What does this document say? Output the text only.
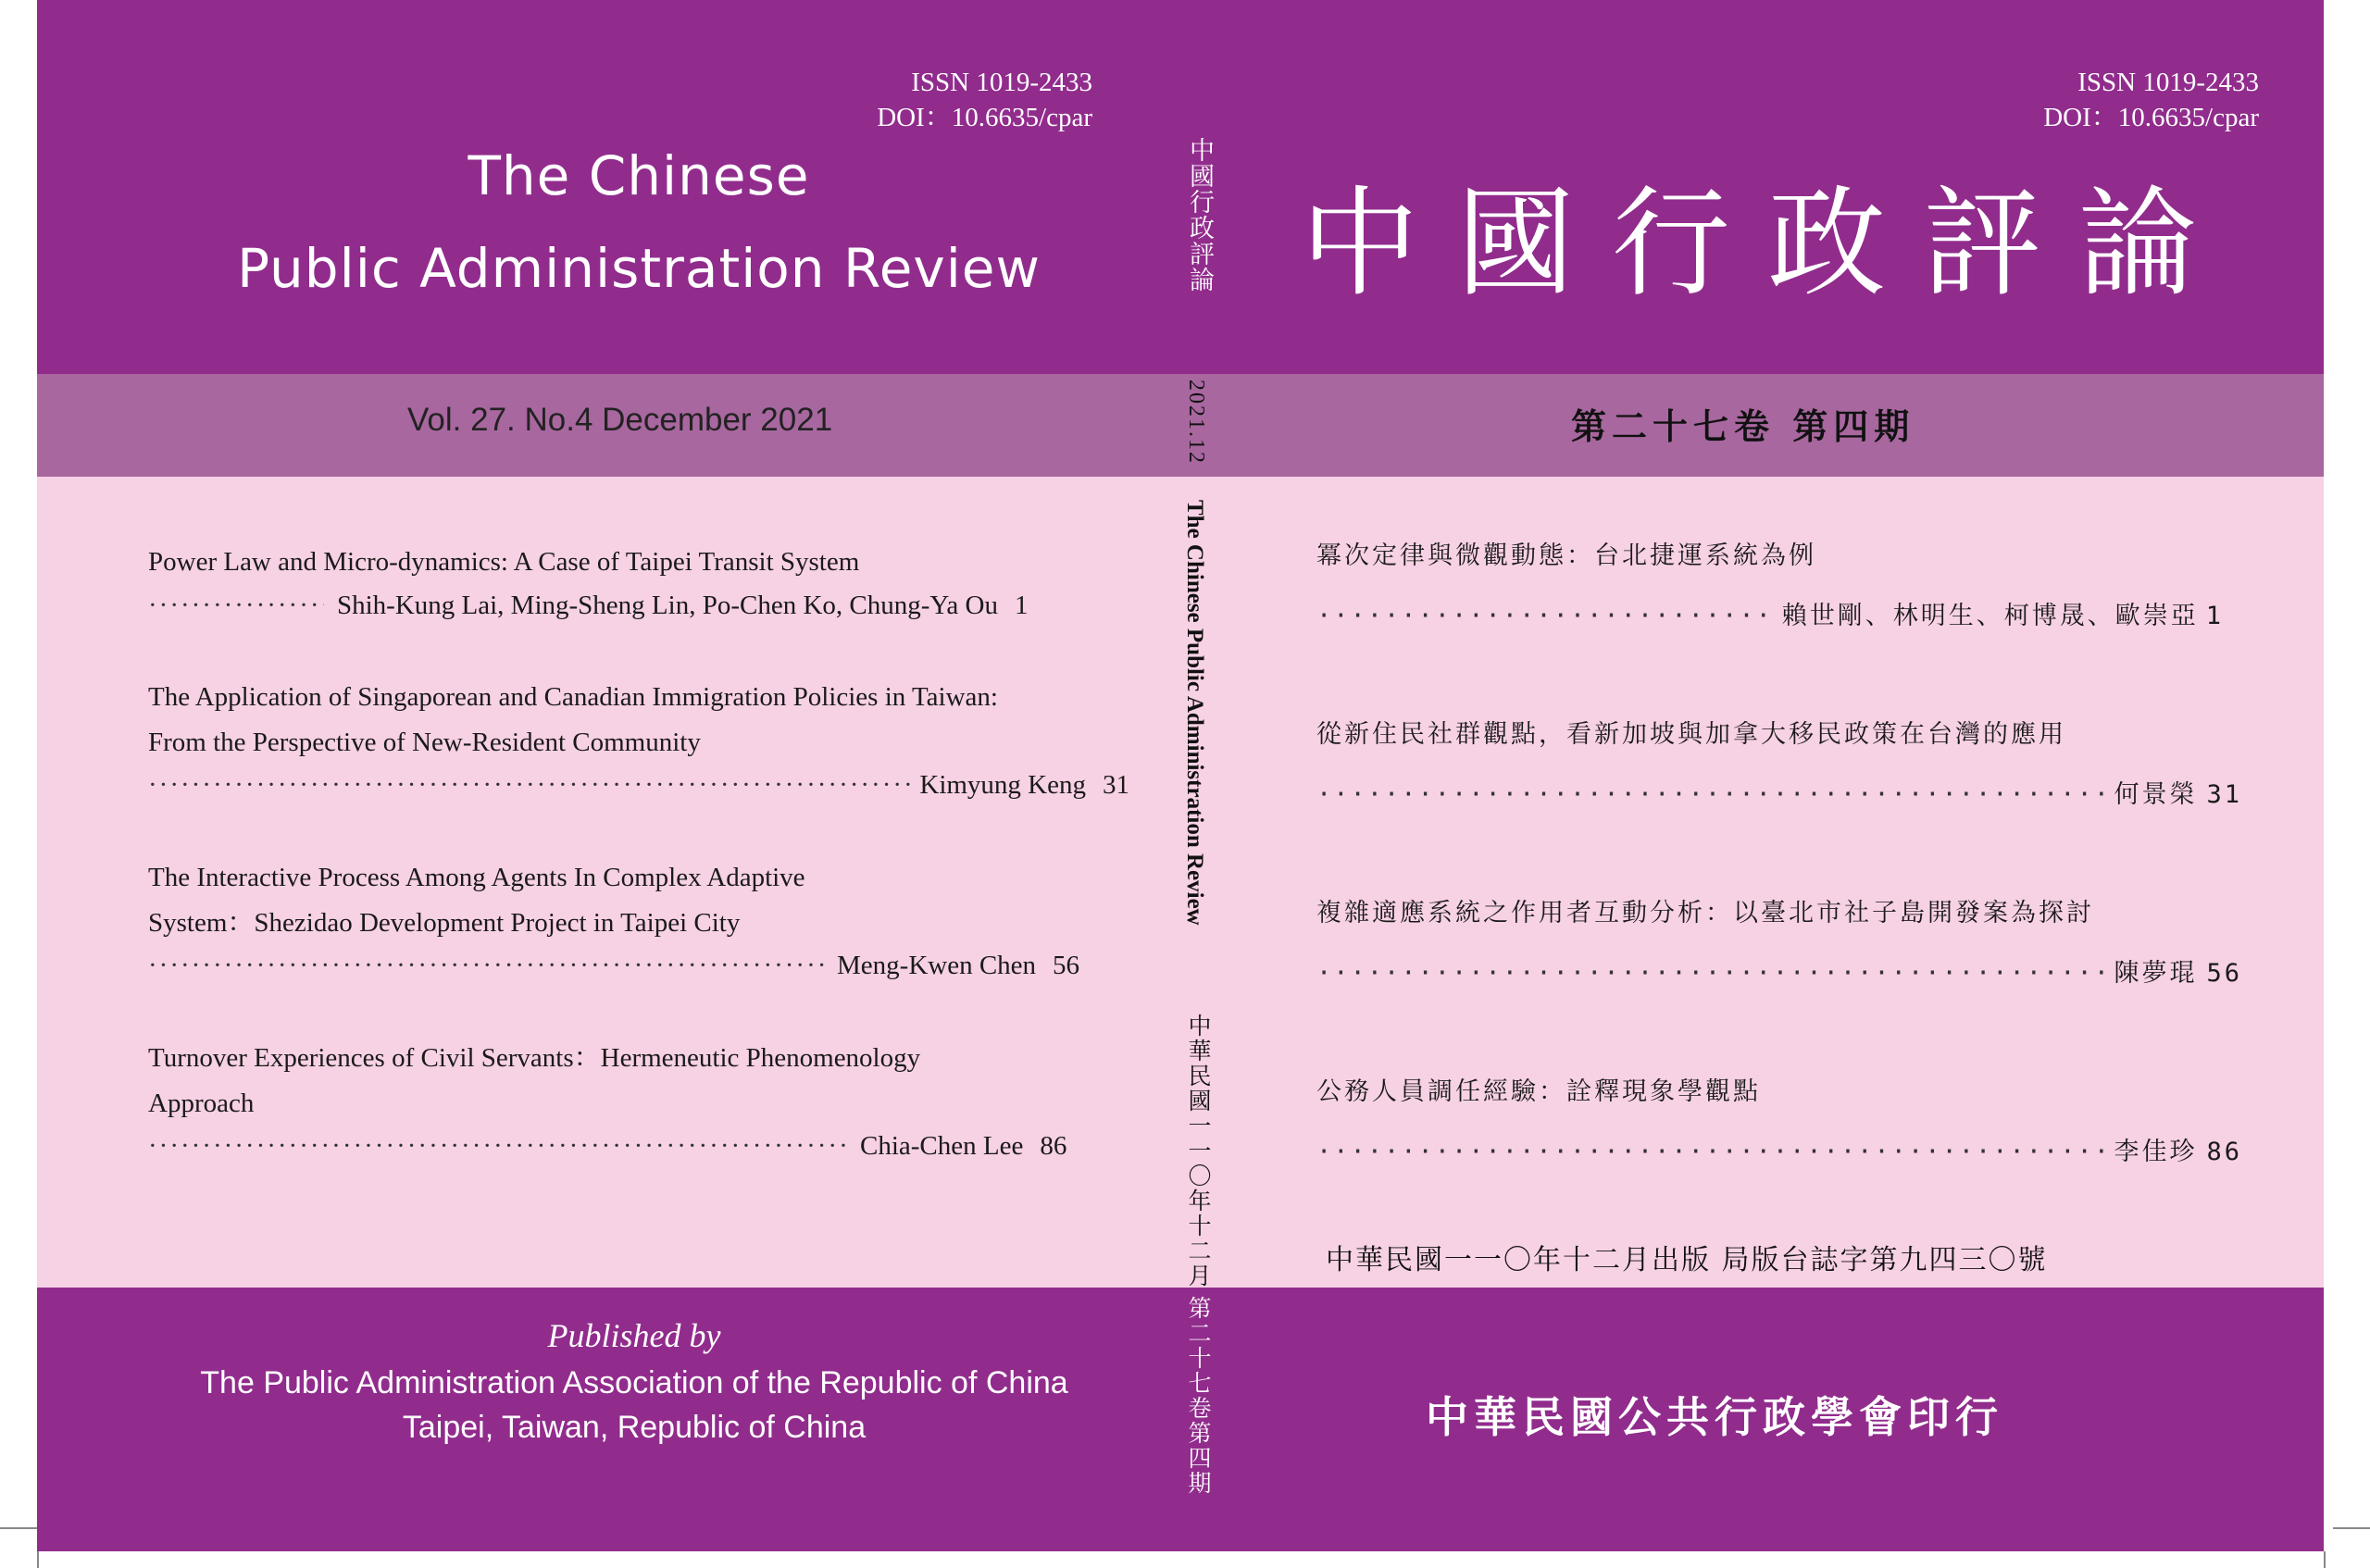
ISSN 1019-2433
DOI：10.6635/cpar
The Chinese
Public Administration Review
Vol. 27. No.4 December 2021
Power Law and Micro-dynamics: A Case of Taipei Transit System
·····
Shih-Kung Lai, Ming-Sheng Lin, Po-Chen Ko, Chung-Ya Ou 1
The Application of Singaporean and Canadian Immigration Policies in Taiwan:
From the Perspective of New-Resident Community
·····
Kimyung Keng 31
The Interactive Process Among Agents In Complex Adaptive
System：Shezidao Development Project in Taipei City
·····
Meng-Kwen Chen 56
Turnover Experiences of Civil Servants：Hermeneutic Phenomenology
Approach
·····
Chia-Chen Lee 86
Published by
The Public Administration Association of the Republic of China
Taipei, Taiwan, Republic of China
中國行政評論
2021.12
The Chinese Public Administration Review
中華民國一一〇年十二月
第二十七卷第四期
ISSN 1019-2433
DOI：10.6635/cpar
中國行政評論
第二十七卷 第四期
冪次定律與微觀動態：台北捷運系統為例
·····
賴世剛、林明生、柯博晟、歐崇亞 1
從新住民社群觀點，看新加坡與加拿大移民政策在台灣的應用
·····
何景榮 31
複雜適應系統之作用者互動分析：以臺北市社子島開發案為探討
·····
陳夢琨 56
公務人員調任經驗：詮釋現象學觀點
·····
李佳珍 86
中華民國一一〇年十二月出版 局版台誌字第九四三〇號
中華民國公共行政學會印行
